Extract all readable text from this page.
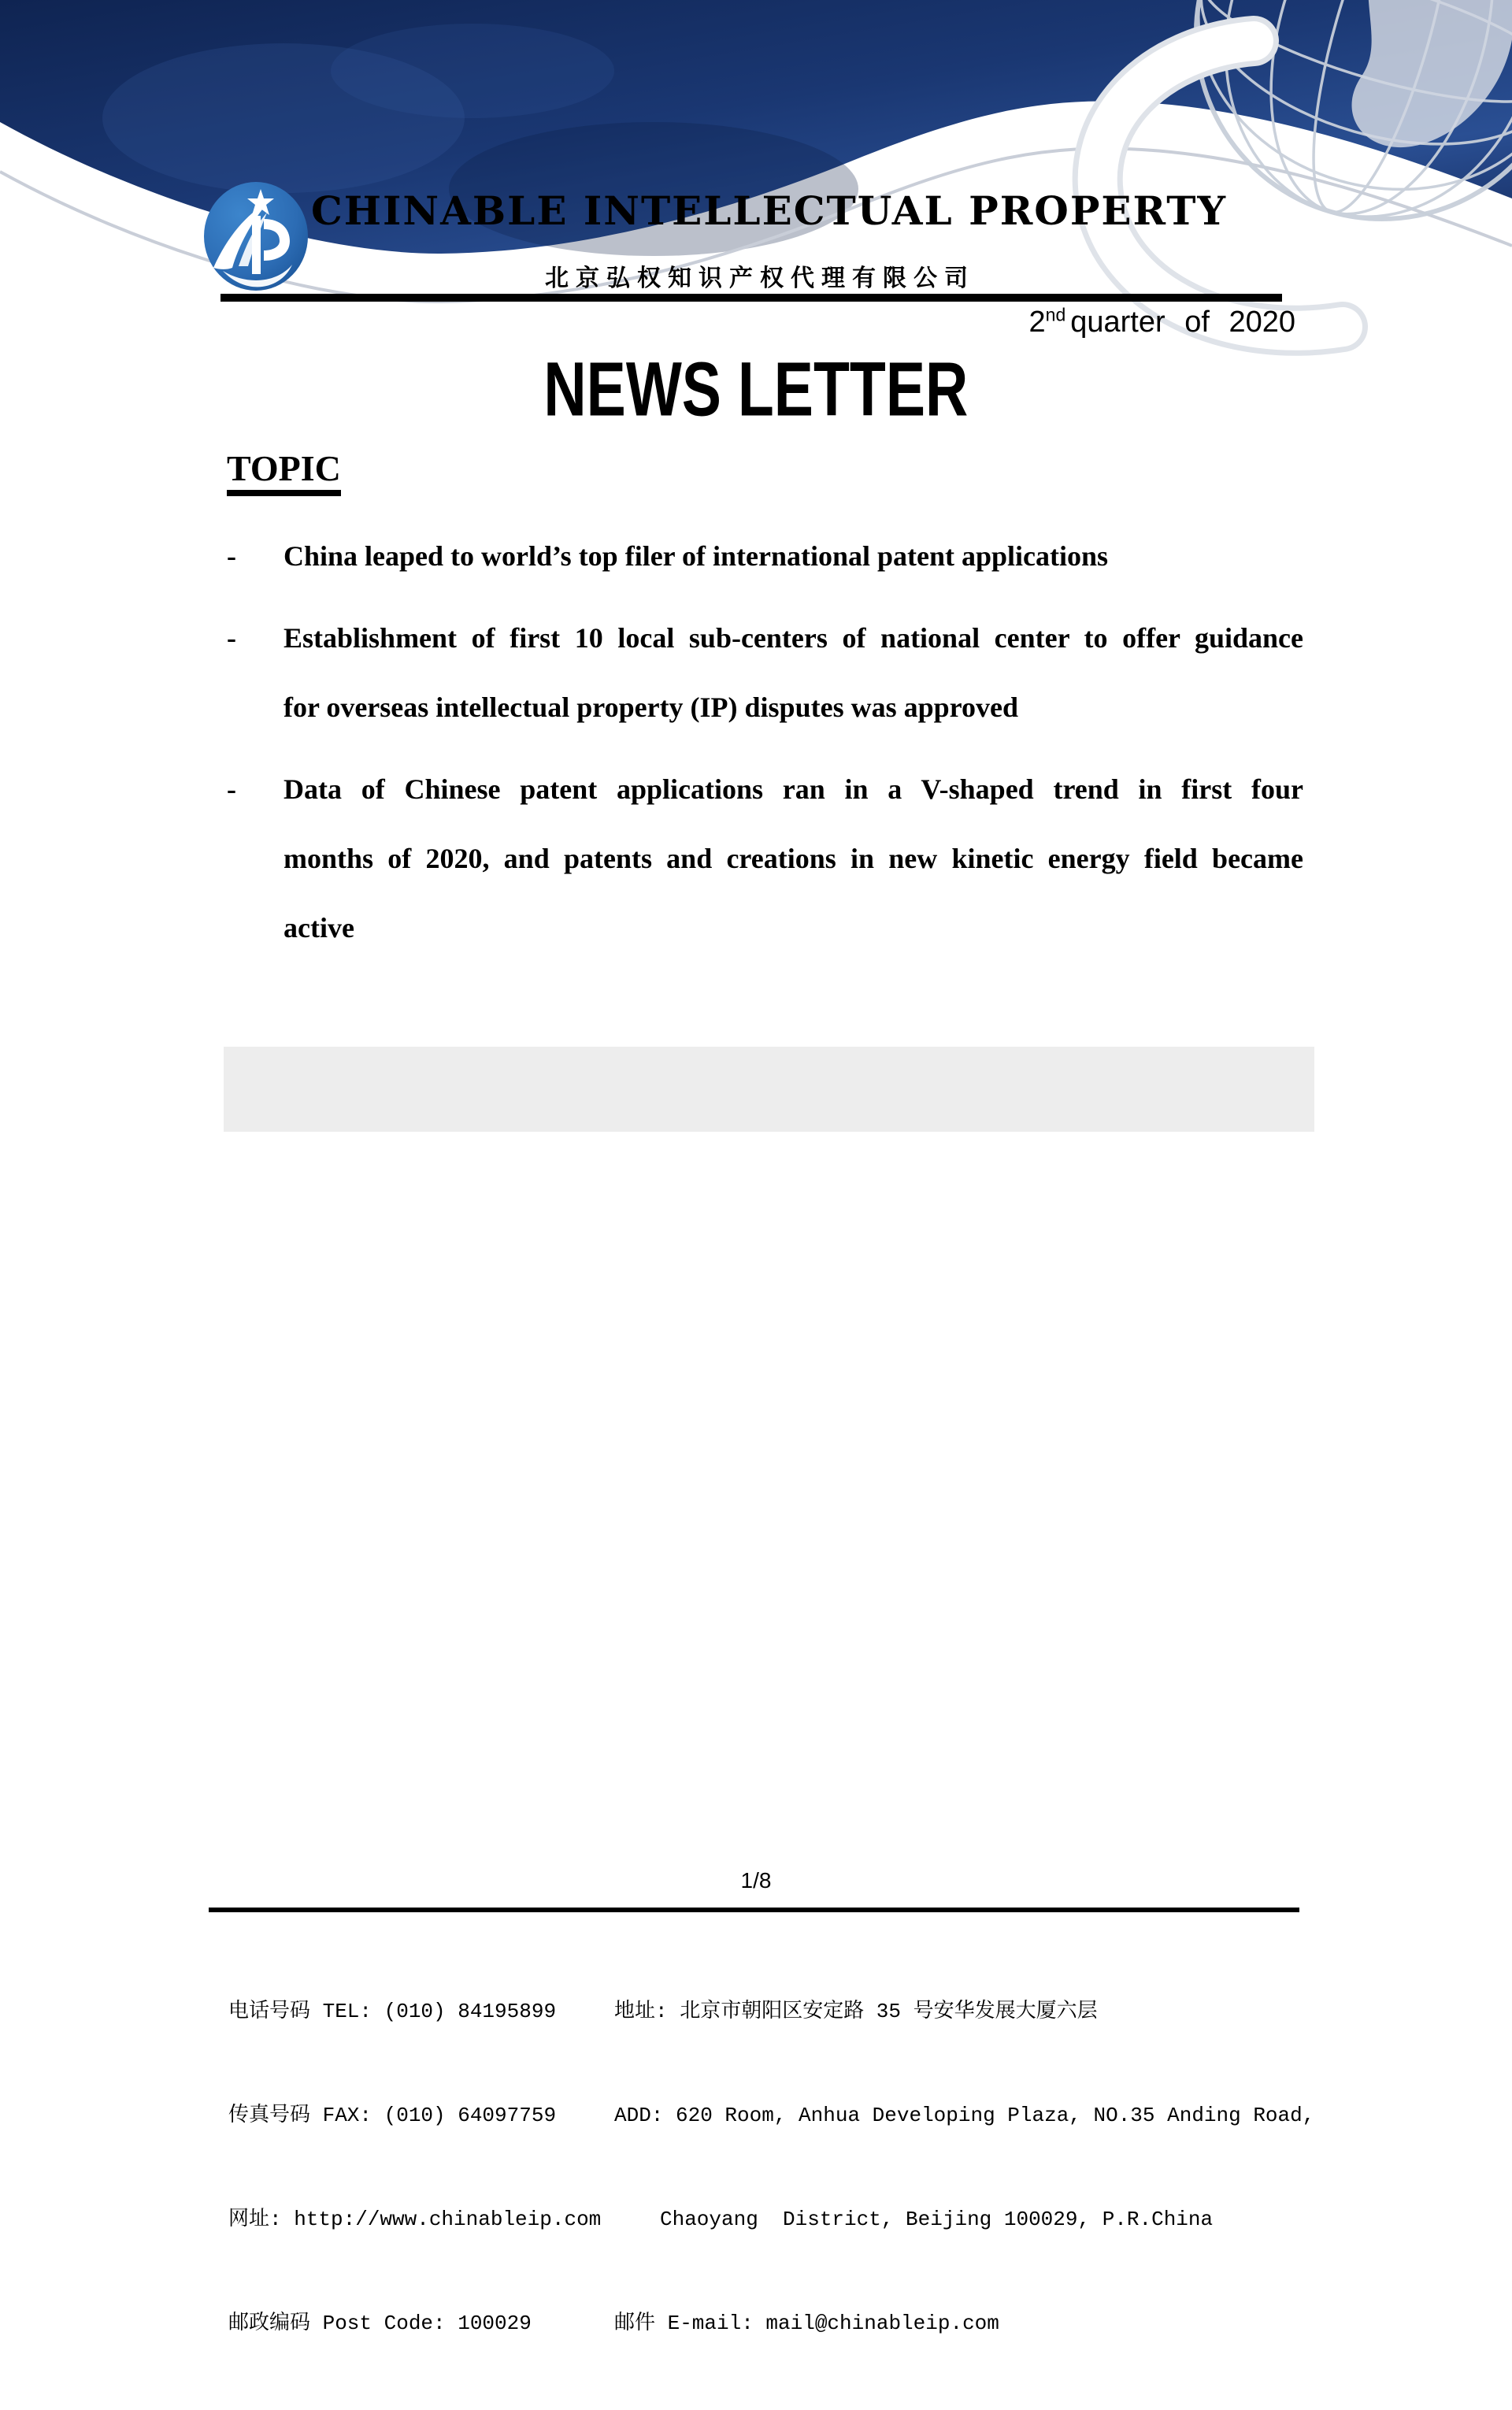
CHINABLE INTELLECTUAL PROPERTY
北京弘权知识产权代理有限公司
2nd quarter of 2020
NEWS LETTER
TOPIC
-	China leaped to world’s top filer of international patent applications
-	Establishment of first 10 local sub-centers of national center to offer guidance
for overseas intellectual property (IP) disputes was approved
-	Data of Chinese patent applications ran in a V-shaped trend in first four
months of 2020, and patents and creations in new kinetic energy field became
active
1/8

电话号码 TEL: (010) 84195899

传真号码 FAX: (010) 64097759

网址: http://www.chinableip.com

邮政编码 Post Code: 100029

地址: 北京市朝阳区安定路 35 号安华发展大厦六层

ADD: 620 Room, Anhua Developing Plaza, NO.35 Anding Road,

Chaoyang  District, Beijing 100029, P.R.China

邮件 E-mail: mail@chinableip.com
